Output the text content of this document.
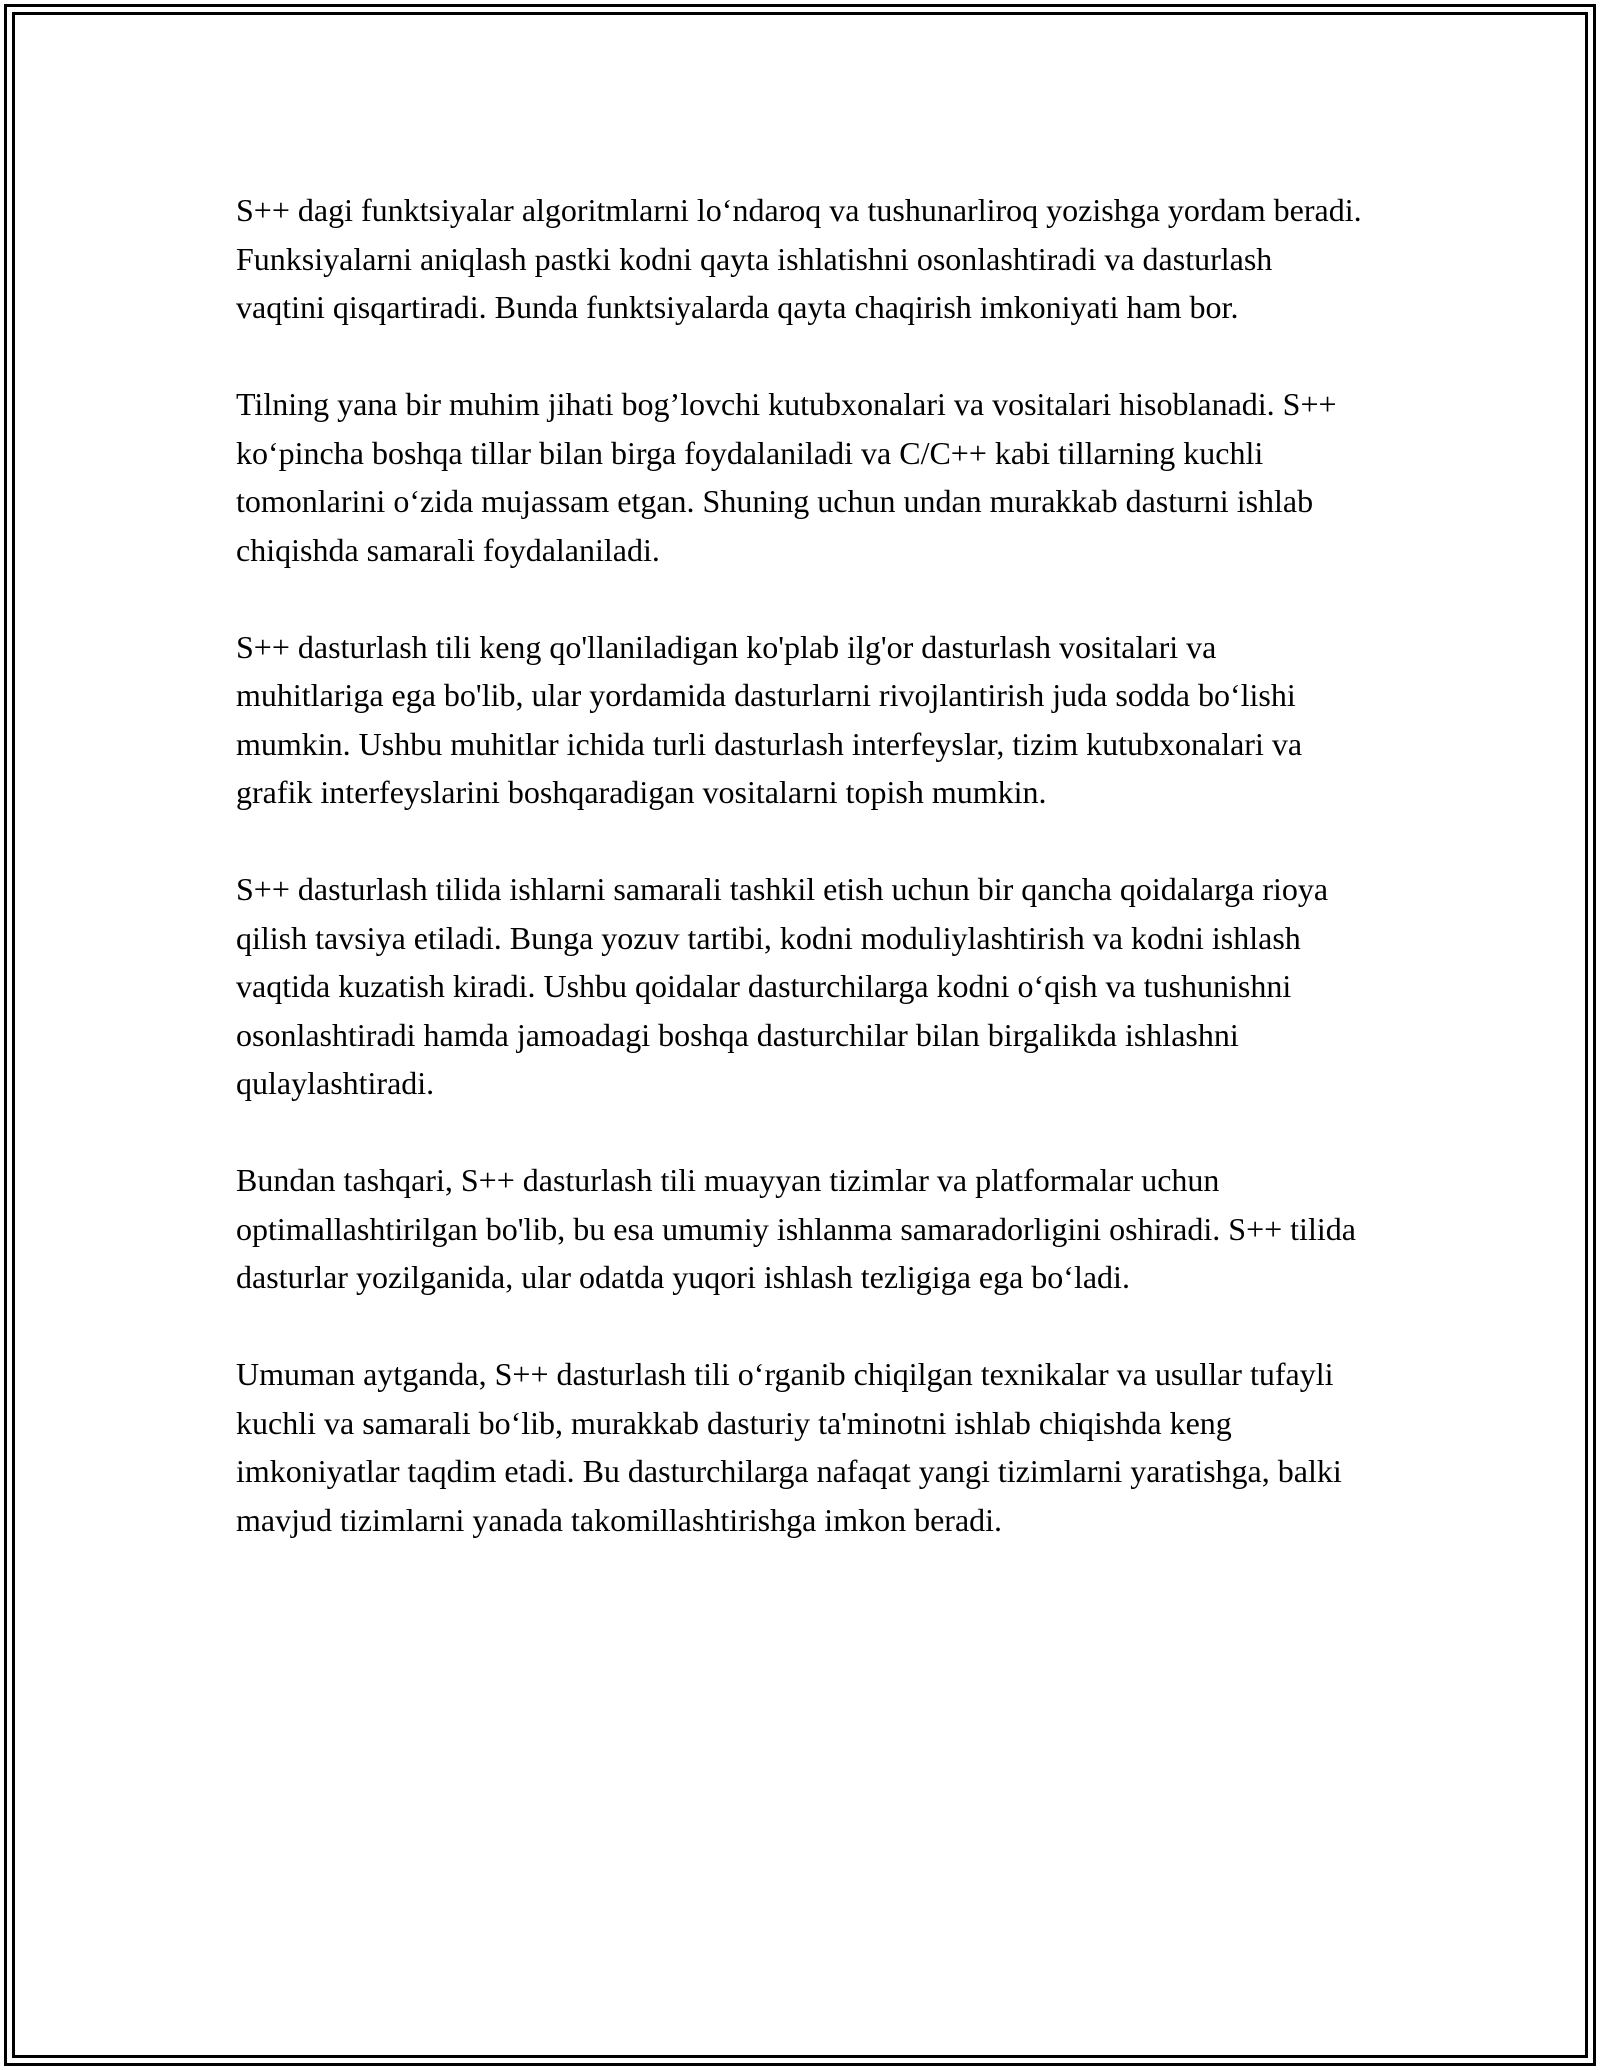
S++ dagi funktsiyalar algoritmlarni lo‘ndaroq va tushunarliroq yozishga yordam beradi. Funksiyalarni aniqlash pastki kodni qayta ishlatishni osonlashtiradi va dasturlash vaqtini qisqartiradi. Bunda funktsiyalarda qayta chaqirish imkoniyati ham bor.

Tilning yana bir muhim jihati bog’lovchi kutubxonalari va vositalari hisoblanadi. S++ ko‘pincha boshqa tillar bilan birga foydalaniladi va C/C++ kabi tillarning kuchli tomonlarini o‘zida mujassam etgan. Shuning uchun undan murakkab dasturni ishlab chiqishda samarali foydalaniladi.

S++ dasturlash tili keng qo'llaniladigan ko'plab ilg'or dasturlash vositalari va muhitlariga ega bo'lib, ular yordamida dasturlarni rivojlantirish juda sodda bo‘lishi mumkin. Ushbu muhitlar ichida turli dasturlash interfeyslar, tizim kutubxonalari va grafik interfeyslarini boshqaradigan vositalarni topish mumkin.

S++ dasturlash tilida ishlarni samarali tashkil etish uchun bir qancha qoidalarga rioya qilish tavsiya etiladi. Bunga yozuv tartibi, kodni moduliylashtirish va kodni ishlash vaqtida kuzatish kiradi. Ushbu qoidalar dasturchilarga kodni o‘qish va tushunishni osonlashtiradi hamda jamoadagi boshqa dasturchilar bilan birgalikda ishlashni qulaylashtiradi.

Bundan tashqari, S++ dasturlash tili muayyan tizimlar va platformalar uchun optimallashtirilgan bo'lib, bu esa umumiy ishlanma samaradorligini oshiradi. S++ tilida dasturlar yozilganida, ular odatda yuqori ishlash tezligiga ega bo‘ladi.

Umuman aytganda, S++ dasturlash tili o‘rganib chiqilgan texnikalar va usullar tufayli kuchli va samarali bo‘lib, murakkab dasturiy ta'minotni ishlab chiqishda keng imkoniyatlar taqdim etadi. Bu dasturchilarga nafaqat yangi tizimlarni yaratishga, balki mavjud tizimlarni yanada takomillashtirishga imkon beradi.
